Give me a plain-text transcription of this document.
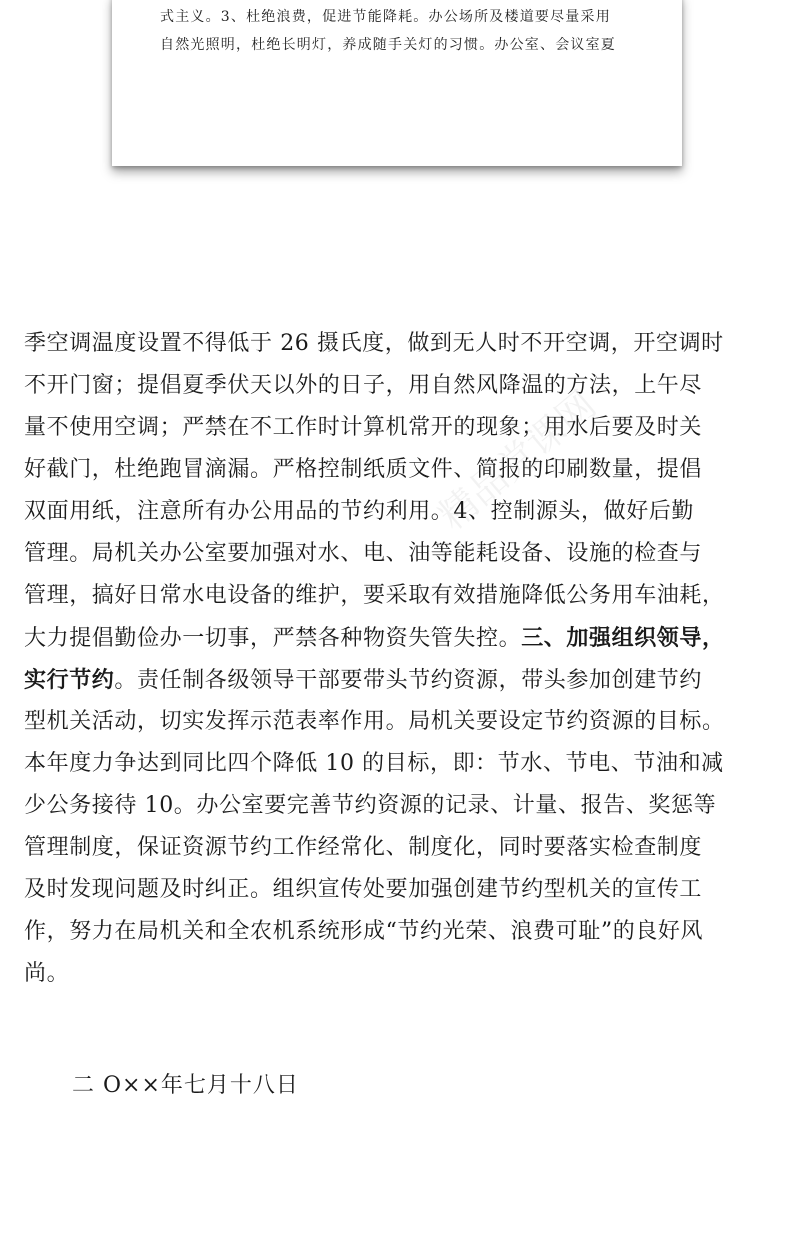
式主义。3、杜绝浪费，促进节能降耗。办公场所及楼道要尽量采用
自然光照明，杜绝长明灯，养成随手关灯的习惯。办公室、会议室夏
精品党课网
季空调温度设置不得低于 26 摄氏度，做到无人时不开空调，开空调时
不开门窗；提倡夏季伏天以外的日子，用自然风降温的方法，上午尽
量不使用空调；严禁在不工作时计算机常开的现象；用水后要及时关
好截门，杜绝跑冒滴漏。严格控制纸质文件、简报的印刷数量，提倡
双面用纸，注意所有办公用品的节约利用。4、控制源头，做好后勤
管理。局机关办公室要加强对水、电、油等能耗设备、设施的检查与
管理，搞好日常水电设备的维护，要采取有效措施降低公务用车油耗，
大力提倡勤俭办一切事，严禁各种物资失管失控。三、加强组织领导，
实行节约。责任制各级领导干部要带头节约资源，带头参加创建节约
型机关活动，切实发挥示范表率作用。局机关要设定节约资源的目标。
本年度力争达到同比四个降低 10 的目标，即：节水、节电、节油和减
少公务接待 10。办公室要完善节约资源的记录、计量、报告、奖惩等
管理制度，保证资源节约工作经常化、制度化，同时要落实检查制度
及时发现问题及时纠正。组织宣传处要加强创建节约型机关的宣传工
作，努力在局机关和全农机系统形成“节约光荣、浪费可耻”的良好风
尚。
二 O××年七月十八日
